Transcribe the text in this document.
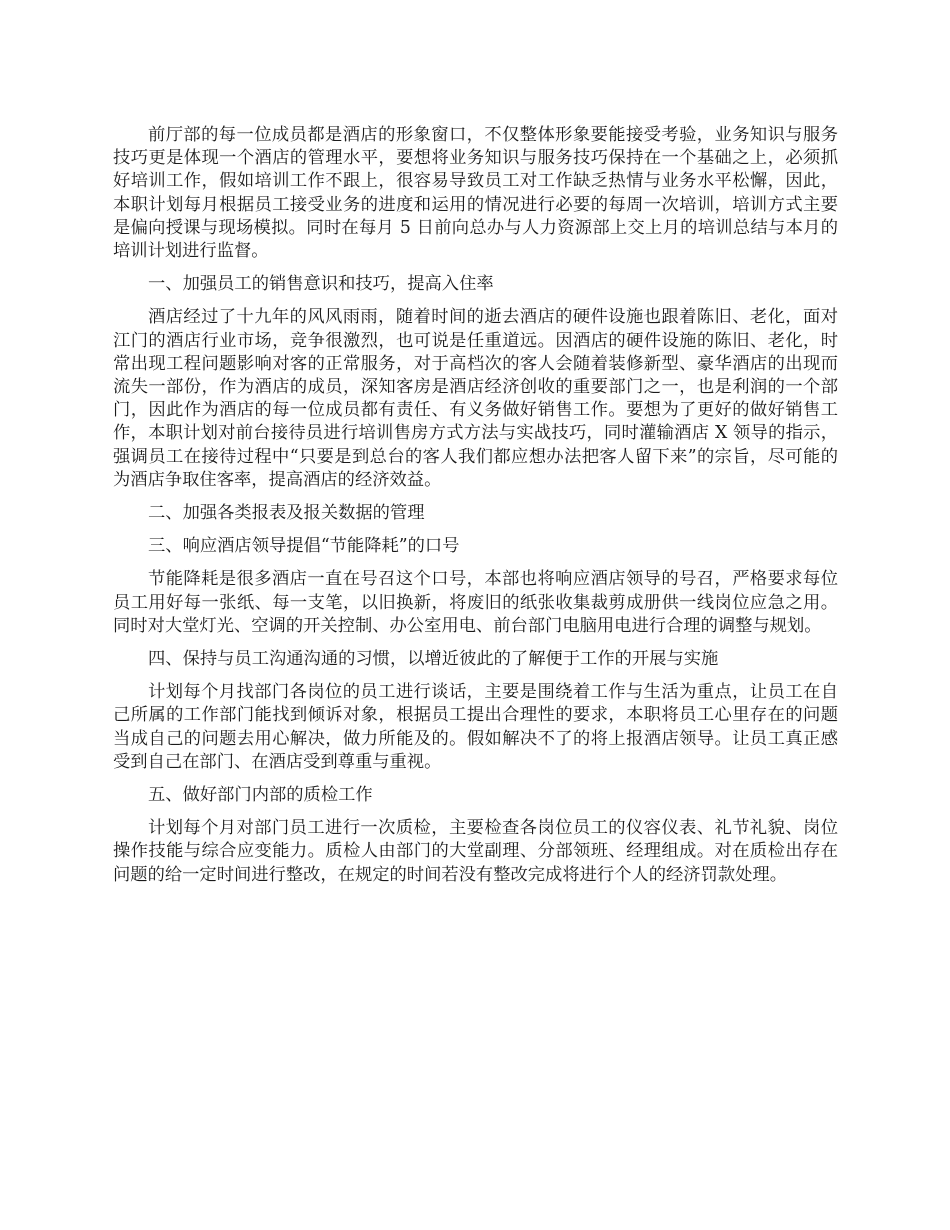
前厅部的每一位成员都是酒店的形象窗口，不仅整体形象要能接受考验，业务知识与服务技巧更是体现一个酒店的管理水平，要想将业务知识与服务技巧保持在一个基础之上，必须抓好培训工作，假如培训工作不跟上，很容易导致员工对工作缺乏热情与业务水平松懈，因此，本职计划每月根据员工接受业务的进度和运用的情况进行必要的每周一次培训，培训方式主要是偏向授课与现场模拟。同时在每月 5 日前向总办与人力资源部上交上月的培训总结与本月的培训计划进行监督。

一、加强员工的销售意识和技巧，提高入住率

酒店经过了十九年的风风雨雨，随着时间的逝去酒店的硬件设施也跟着陈旧、老化，面对江门的酒店行业市场，竞争很激烈，也可说是任重道远。因酒店的硬件设施的陈旧、老化，时常出现工程问题影响对客的正常服务，对于高档次的客人会随着装修新型、豪华酒店的出现而流失一部份，作为酒店的成员，深知客房是酒店经济创收的重要部门之一，也是利润的一个部门，因此作为酒店的每一位成员都有责任、有义务做好销售工作。要想为了更好的做好销售工作，本职计划对前台接待员进行培训售房方式方法与实战技巧，同时灌输酒店 X 领导的指示，强调员工在接待过程中“只要是到总台的客人我们都应想办法把客人留下来”的宗旨，尽可能的为酒店争取住客率，提高酒店的经济效益。

二、加强各类报表及报关数据的管理

三、响应酒店领导提倡“节能降耗”的口号

节能降耗是很多酒店一直在号召这个口号，本部也将响应酒店领导的号召，严格要求每位员工用好每一张纸、每一支笔，以旧换新，将废旧的纸张收集裁剪成册供一线岗位应急之用。同时对大堂灯光、空调的开关控制、办公室用电、前台部门电脑用电进行合理的调整与规划。

四、保持与员工沟通沟通的习惯，以增近彼此的了解便于工作的开展与实施

计划每个月找部门各岗位的员工进行谈话，主要是围绕着工作与生活为重点，让员工在自己所属的工作部门能找到倾诉对象，根据员工提出合理性的要求，本职将员工心里存在的问题当成自己的问题去用心解决，做力所能及的。假如解决不了的将上报酒店领导。让员工真正感受到自己在部门、在酒店受到尊重与重视。

五、做好部门内部的质检工作

计划每个月对部门员工进行一次质检，主要检查各岗位员工的仪容仪表、礼节礼貌、岗位操作技能与综合应变能力。质检人由部门的大堂副理、分部领班、经理组成。对在质检出存在问题的给一定时间进行整改，在规定的时间若没有整改完成将进行个人的经济罚款处理。
